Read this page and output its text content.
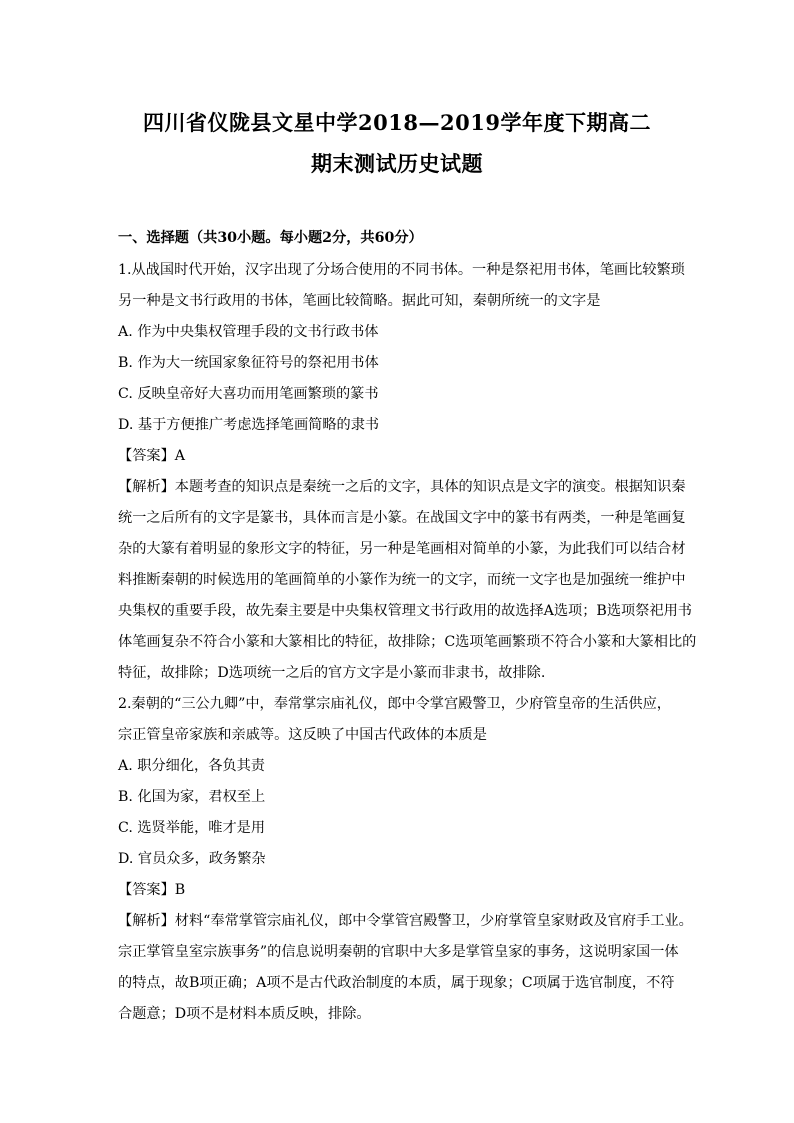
四川省仪陇县文星中学2018—2019学年度下期高二
期末测试历史试题
一、选择题（共30小题。每小题2分，共60分）
1.从战国时代开始，汉字出现了分场合使用的不同书体。一种是祭祀用书体，笔画比较繁琐
另一种是文书行政用的书体，笔画比较简略。据此可知，秦朝所统一的文字是
A. 作为中央集权管理手段的文书行政书体
B. 作为大一统国家象征符号的祭祀用书体
C. 反映皇帝好大喜功而用笔画繁琐的篆书
D. 基于方便推广考虑选择笔画简略的隶书
【答案】A
【解析】本题考查的知识点是秦统一之后的文字，具体的知识点是文字的演变。根据知识秦
统一之后所有的文字是篆书，具体而言是小篆。在战国文字中的篆书有两类，一种是笔画复
杂的大篆有着明显的象形文字的特征，另一种是笔画相对简单的小篆，为此我们可以结合材
料推断秦朝的时候选用的笔画简单的小篆作为统一的文字，而统一文字也是加强统一维护中
央集权的重要手段，故先秦主要是中央集权管理文书行政用的故选择A选项；B选项祭祀用书
体笔画复杂不符合小篆和大篆相比的特征，故排除；C选项笔画繁琐不符合小篆和大篆相比的
特征，故排除；D选项统一之后的官方文字是小篆而非隶书，故排除.
2.秦朝的“三公九卿”中，奉常掌宗庙礼仪，郎中令掌宫殿警卫，少府管皇帝的生活供应，
宗正管皇帝家族和亲戚等。这反映了中国古代政体的本质是
A. 职分细化，各负其责
B. 化国为家，君权至上
C. 选贤举能，唯才是用
D. 官员众多，政务繁杂
【答案】B
【解析】材料“奉常掌管宗庙礼仪，郎中令掌管宫殿警卫，少府掌管皇家财政及官府手工业。
宗正掌管皇室宗族事务”的信息说明秦朝的官职中大多是掌管皇家的事务，这说明家国一体
的特点，故B项正确；A项不是古代政治制度的本质，属于现象；C项属于选官制度，不符
合题意；D项不是材料本质反映，排除。
